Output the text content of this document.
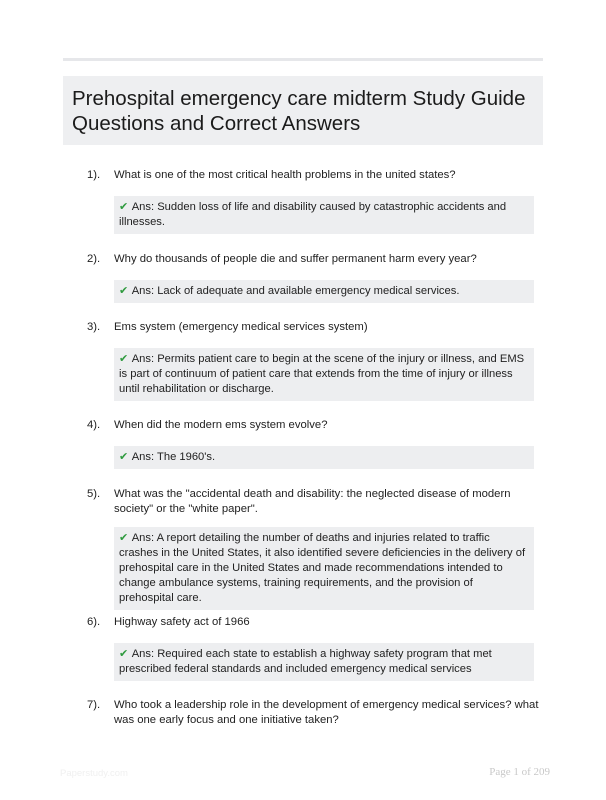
Prehospital emergency care midterm Study Guide Questions and Correct Answers
1). What is one of the most critical health problems in the united states?
✔ Ans: Sudden loss of life and disability caused by catastrophic accidents and illnesses.
2). Why do thousands of people die and suffer permanent harm every year?
✔ Ans: Lack of adequate and available emergency medical services.
3). Ems system (emergency medical services system)
✔ Ans: Permits patient care to begin at the scene of the injury or illness, and EMS is part of continuum of patient care that extends from the time of injury or illness until rehabilitation or discharge.
4). When did the modern ems system evolve?
✔ Ans: The 1960's.
5). What was the "accidental death and disability: the neglected disease of modern society" or the "white paper".
✔ Ans: A report detailing the number of deaths and injuries related to traffic crashes in the United States, it also identified severe deficiencies in the delivery of prehospital care in the United States and made recommendations intended to change ambulance systems, training requirements, and the provision of prehospital care.
6). Highway safety act of 1966
✔ Ans: Required each state to establish a highway safety program that met prescribed federal standards and included emergency medical services
7). Who took a leadership role in the development of emergency medical services? what was one early focus and one initiative taken?
Paperstudy.com	Page 1 of 209
